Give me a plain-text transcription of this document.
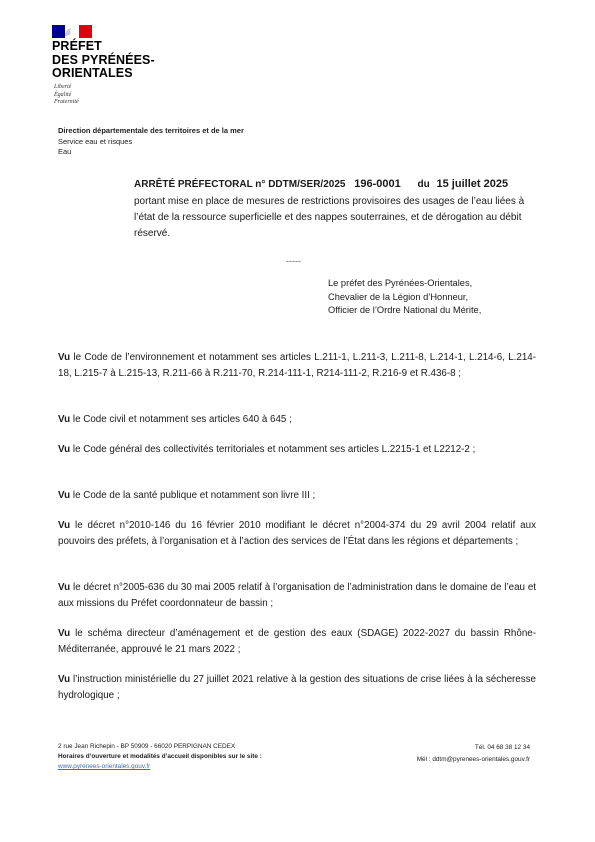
PRÉFET
DES PYRÉNÉES-
ORIENTALES
Liberté
Égalité
Fraternité
Direction départementale des territoires et de la mer
Service eau et risques
Eau
ARRÊTÉ PRÉFECTORAL n° DDTM/SER/2025 196-0001 du 15 juillet 2025
portant mise en place de mesures de restrictions provisoires des usages de l’eau liées à l’état de la ressource superficielle et des nappes souterraines, et de dérogation au débit réservé.
-----
Le préfet des Pyrénées-Orientales,
Chevalier de la Légion d’Honneur,
Officier de l’Ordre National du Mérite,
Vu le Code de l’environnement et notamment ses articles L.211-1, L.211-3, L.211-8, L.214-1, L.214-6, L.214-18, L.215-7 à L.215-13, R.211-66 à R.211-70, R.214-111-1, R214-111-2, R.216-9 et R.436-8 ;
Vu le Code civil et notamment ses articles 640 à 645 ;
Vu le Code général des collectivités territoriales et notamment ses articles L.2215-1 et L2212-2 ;
Vu le Code de la santé publique et notamment son livre III ;
Vu le décret n°2010-146 du 16 février 2010 modifiant le décret n°2004-374 du 29 avril 2004 relatif aux pouvoirs des préfets, à l’organisation et à l’action des services de l’État dans les régions et départements ;
Vu le décret n°2005-636 du 30 mai 2005 relatif à l’organisation de l’administration dans le domaine de l’eau et aux missions du Préfet coordonnateur de bassin ;
Vu le schéma directeur d’aménagement et de gestion des eaux (SDAGE) 2022-2027 du bassin Rhône-Méditerranée, approuvé le 21 mars 2022 ;
Vu l’instruction ministérielle du 27 juillet 2021 relative à la gestion des situations de crise liées à la sécheresse hydrologique ;
2 rue Jean Richepin - BP 50909 - 66020 PERPIGNAN CEDEX
Horaires d’ouverture et modalités d’accueil disponibles sur le site :
www.pyrenees-orientales.gouv.fr
Tél. 04 68 38 12 34
Mél : ddtm@pyrenees-orientales.gouv.fr
